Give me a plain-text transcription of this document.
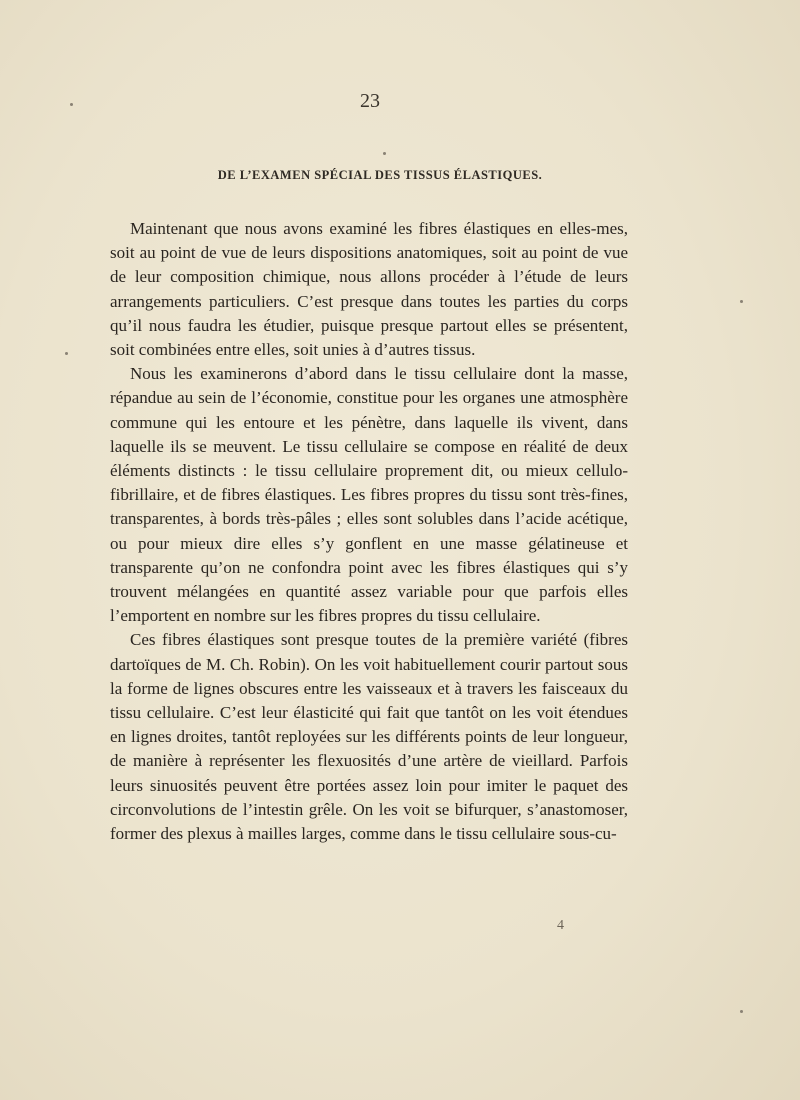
23
DE L’EXAMEN SPÉCIAL DES TISSUS ÉLASTIQUES.

Maintenant que nous avons examiné les fibres élastiques en elles-mes, soit au point de vue de leurs dispositions anatomiques, soit au point de vue de leur composition chimique, nous allons procéder à l’étude de leurs arrangements particuliers. C’est presque dans toutes les parties du corps qu’il nous faudra les étudier, puisque presque partout elles se présentent, soit combinées entre elles, soit unies à d’autres tissus.

Nous les examinerons d’abord dans le tissu cellulaire dont la masse, répandue au sein de l’économie, constitue pour les organes une atmosphère commune qui les entoure et les pénètre, dans laquelle ils vivent, dans laquelle ils se meuvent. Le tissu cellulaire se compose en réalité de deux éléments distincts : le tissu cellulaire proprement dit, ou mieux cellulo-fibrillaire, et de fibres élastiques. Les fibres propres du tissu sont très-fines, transparentes, à bords très-pâles ; elles sont solubles dans l’acide acétique, ou pour mieux dire elles s’y gonflent en une masse gélatineuse et transparente qu’on ne confondra point avec les fibres élastiques qui s’y trouvent mélangées en quantité assez variable pour que parfois elles l’emportent en nombre sur les fibres propres du tissu cellulaire.

Ces fibres élastiques sont presque toutes de la première variété (fibres dartoïques de M. Ch. Robin). On les voit habituellement courir partout sous la forme de lignes obscures entre les vaisseaux et à travers les faisceaux du tissu cellulaire. C’est leur élasticité qui fait que tantôt on les voit étendues en lignes droites, tantôt reployées sur les différents points de leur longueur, de manière à représenter les flexuosités d’une artère de vieillard. Parfois leurs sinuosités peuvent être portées assez loin pour imiter le paquet des circonvolutions de l’intestin grêle. On les voit se bifurquer, s’anastomoser, former des plexus à mailles larges, comme dans le tissu cellulaire sous-cu-

4
